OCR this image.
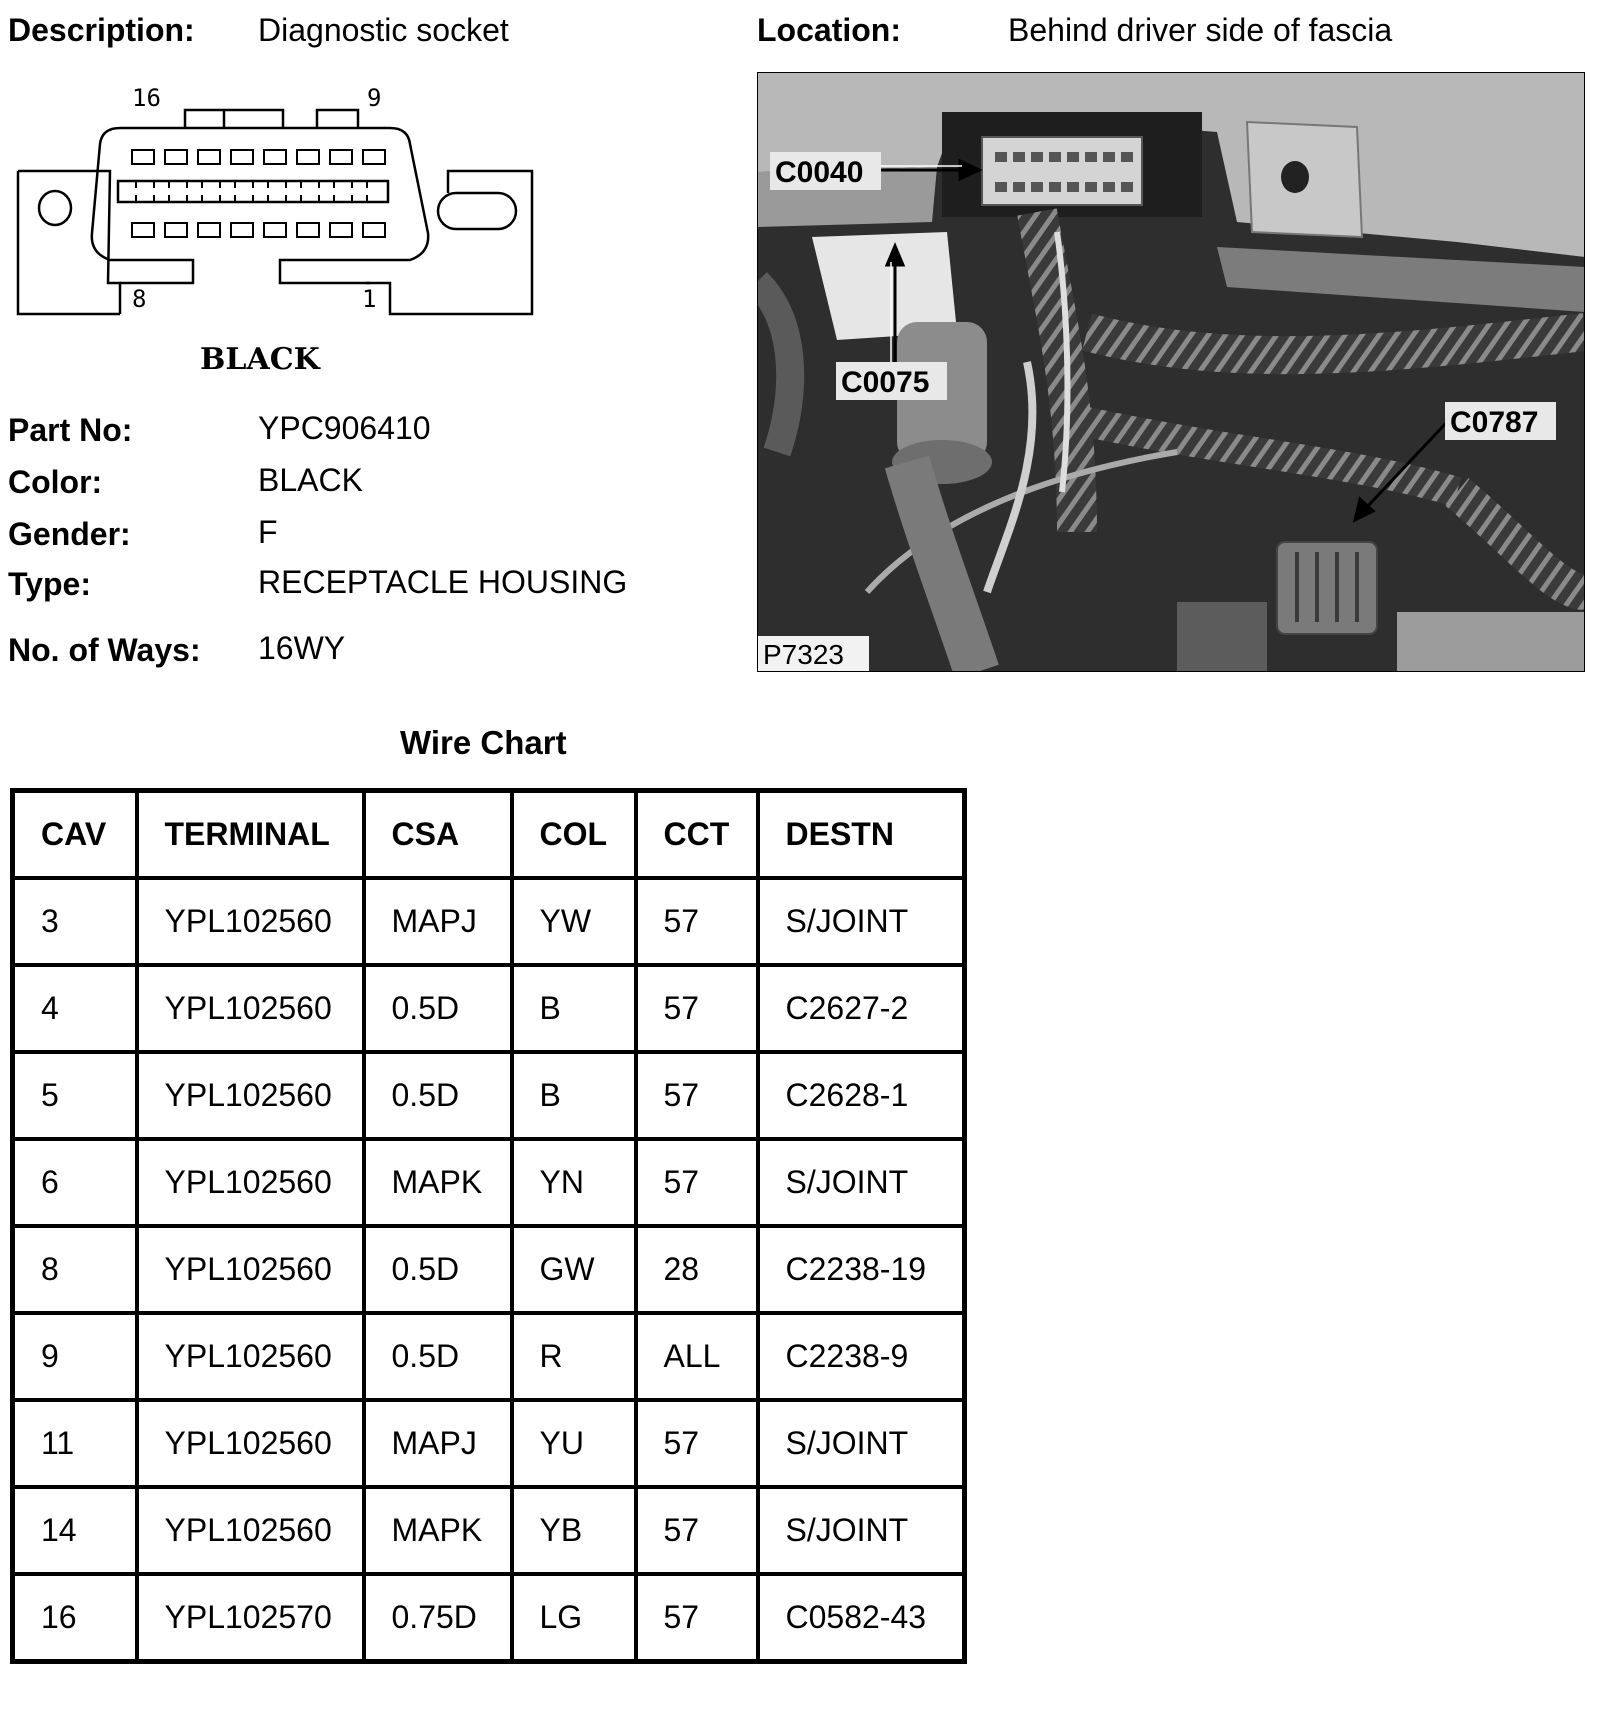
Description: Diagnostic socket	Location:	Behind driver side of fascia
16	9
8	1
BLACK
C0040
C0075
C0787
P7323
Part No:	YPC906410
Color:	BLACK
Gender:	F
Type:	RECEPTACLE HOUSING
No. of Ways: 16WY
Wire Chart
CAV	TERMINAL	CSA	COL	CCT	DESTN
3	YPL102560	MAPJ	YW	57	S/JOINT
4	YPL102560	0.5D	B	57	C2627-2
5	YPL102560	0.5D	B	57	C2628-1
6	YPL102560	MAPK	YN	57	S/JOINT
8	YPL102560	0.5D	GW	28	C2238-19
9	YPL102560	0.5D	R	ALL	C2238-9
11	YPL102560	MAPJ	YU	57	S/JOINT
14	YPL102560	MAPK	YB	57	S/JOINT
16	YPL102570	0.75D	LG	57	C0582-43
